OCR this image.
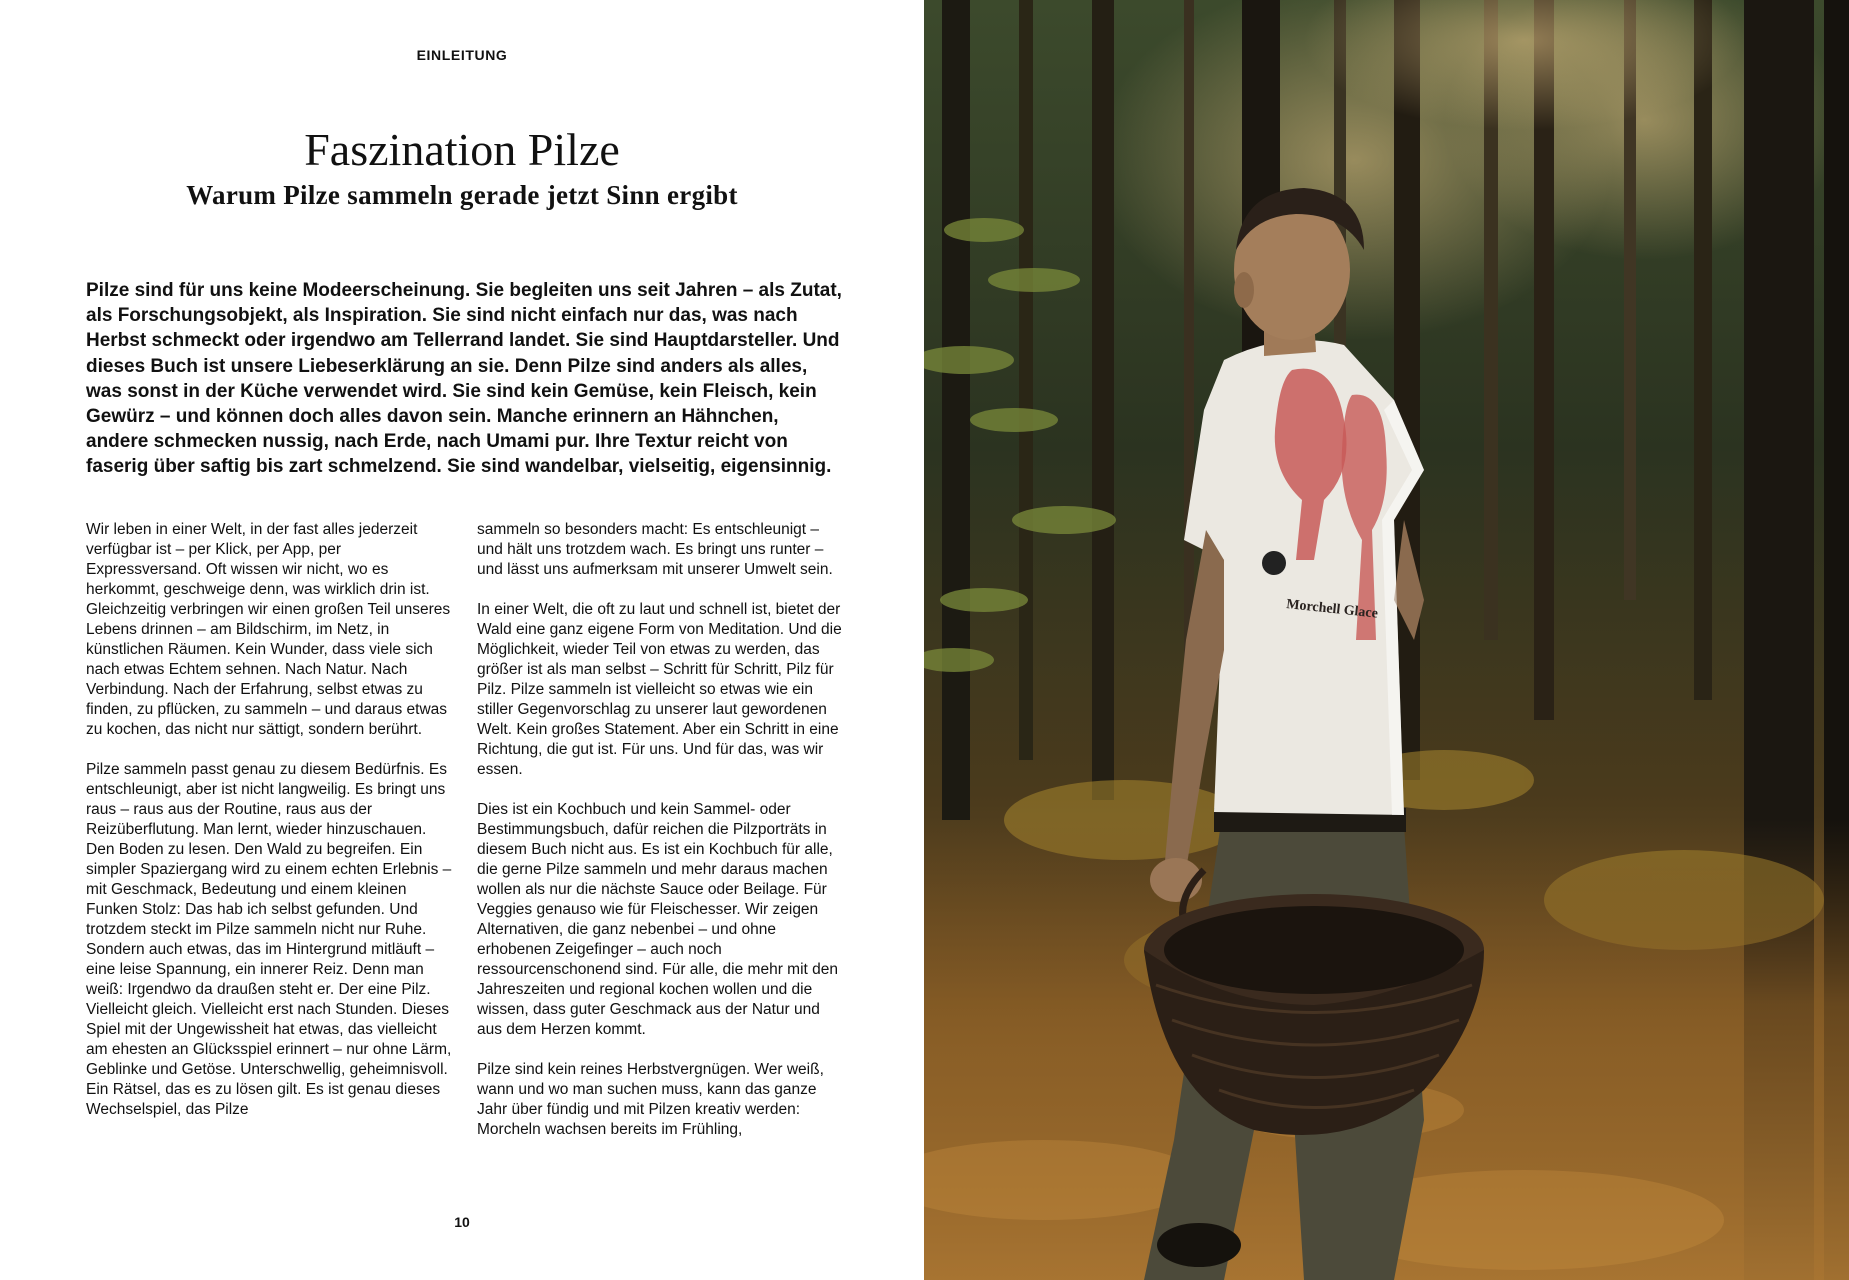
EINLEITUNG
Faszination Pilze
Warum Pilze sammeln gerade jetzt Sinn ergibt

Pilze sind für uns keine Modeerscheinung. Sie begleiten uns seit Jahren – als Zutat, als Forschungsobjekt, als Inspiration. Sie sind nicht einfach nur das, was nach Herbst schmeckt oder irgendwo am Tellerrand landet. Sie sind Hauptdarsteller. Und dieses Buch ist unsere Liebeserklärung an sie. Denn Pilze sind anders als alles, was sonst in der Küche verwendet wird. Sie sind kein Gemüse, kein Fleisch, kein Gewürz – und können doch alles davon sein. Manche erinnern an Hähnchen, andere schmecken nussig, nach Erde, nach Umami pur. Ihre Textur reicht von faserig über saftig bis zart schmelzend. Sie sind wandelbar, vielseitig, eigensinnig.

Wir leben in einer Welt, in der fast alles jederzeit verfügbar ist – per Klick, per App, per Expressversand. Oft wissen wir nicht, wo es herkommt, geschweige denn, was wirklich drin ist. Gleichzeitig verbringen wir einen großen Teil unseres Lebens drinnen – am Bildschirm, im Netz, in künstlichen Räumen. Kein Wunder, dass viele sich nach etwas Echtem sehnen. Nach Natur. Nach Verbindung. Nach der Erfahrung, selbst etwas zu finden, zu pflücken, zu sammeln – und daraus etwas zu kochen, das nicht nur sättigt, sondern berührt.

Pilze sammeln passt genau zu diesem Bedürfnis. Es entschleunigt, aber ist nicht langweilig. Es bringt uns raus – raus aus der Routine, raus aus der Reizüberflutung. Man lernt, wieder hinzuschauen. Den Boden zu lesen. Den Wald zu begreifen. Ein simpler Spaziergang wird zu einem echten Erlebnis – mit Geschmack, Bedeutung und einem kleinen Funken Stolz: Das hab ich selbst gefunden. Und trotzdem steckt im Pilze sammeln nicht nur Ruhe. Sondern auch etwas, das im Hintergrund mitläuft – eine leise Spannung, ein innerer Reiz. Denn man weiß: Irgendwo da draußen steht er. Der eine Pilz. Vielleicht gleich. Vielleicht erst nach Stunden. Dieses Spiel mit der Ungewissheit hat etwas, das vielleicht am ehesten an Glücksspiel erinnert – nur ohne Lärm, Geblinke und Getöse. Unterschwellig, geheimnisvoll. Ein Rätsel, das es zu lösen gilt. Es ist genau dieses Wechselspiel, das Pilze

sammeln so besonders macht: Es entschleunigt – und hält uns trotzdem wach. Es bringt uns runter – und lässt uns aufmerksam mit unserer Umwelt sein.

In einer Welt, die oft zu laut und schnell ist, bietet der Wald eine ganz eigene Form von Meditation. Und die Möglichkeit, wieder Teil von etwas zu werden, das größer ist als man selbst – Schritt für Schritt, Pilz für Pilz. Pilze sammeln ist vielleicht so etwas wie ein stiller Gegenvorschlag zu unserer laut gewordenen Welt. Kein großes Statement. Aber ein Schritt in eine Richtung, die gut ist. Für uns. Und für das, was wir essen.

Dies ist ein Kochbuch und kein Sammel- oder Bestimmungsbuch, dafür reichen die Pilzporträts in diesem Buch nicht aus. Es ist ein Kochbuch für alle, die gerne Pilze sammeln und mehr daraus machen wollen als nur die nächste Sauce oder Beilage. Für Veggies genauso wie für Fleischesser. Wir zeigen Alternativen, die ganz nebenbei – und ohne erhobenen Zeigefinger – auch noch ressourcenschonend sind. Für alle, die mehr mit den Jahreszeiten und regional kochen wollen und die wissen, dass guter Geschmack aus der Natur und aus dem Herzen kommt.

Pilze sind kein reines Herbstvergnügen. Wer weiß, wann und wo man suchen muss, kann das ganze Jahr über fündig und mit Pilzen kreativ werden: Morcheln wachsen bereits im Frühling,

10
Morchell Glace
